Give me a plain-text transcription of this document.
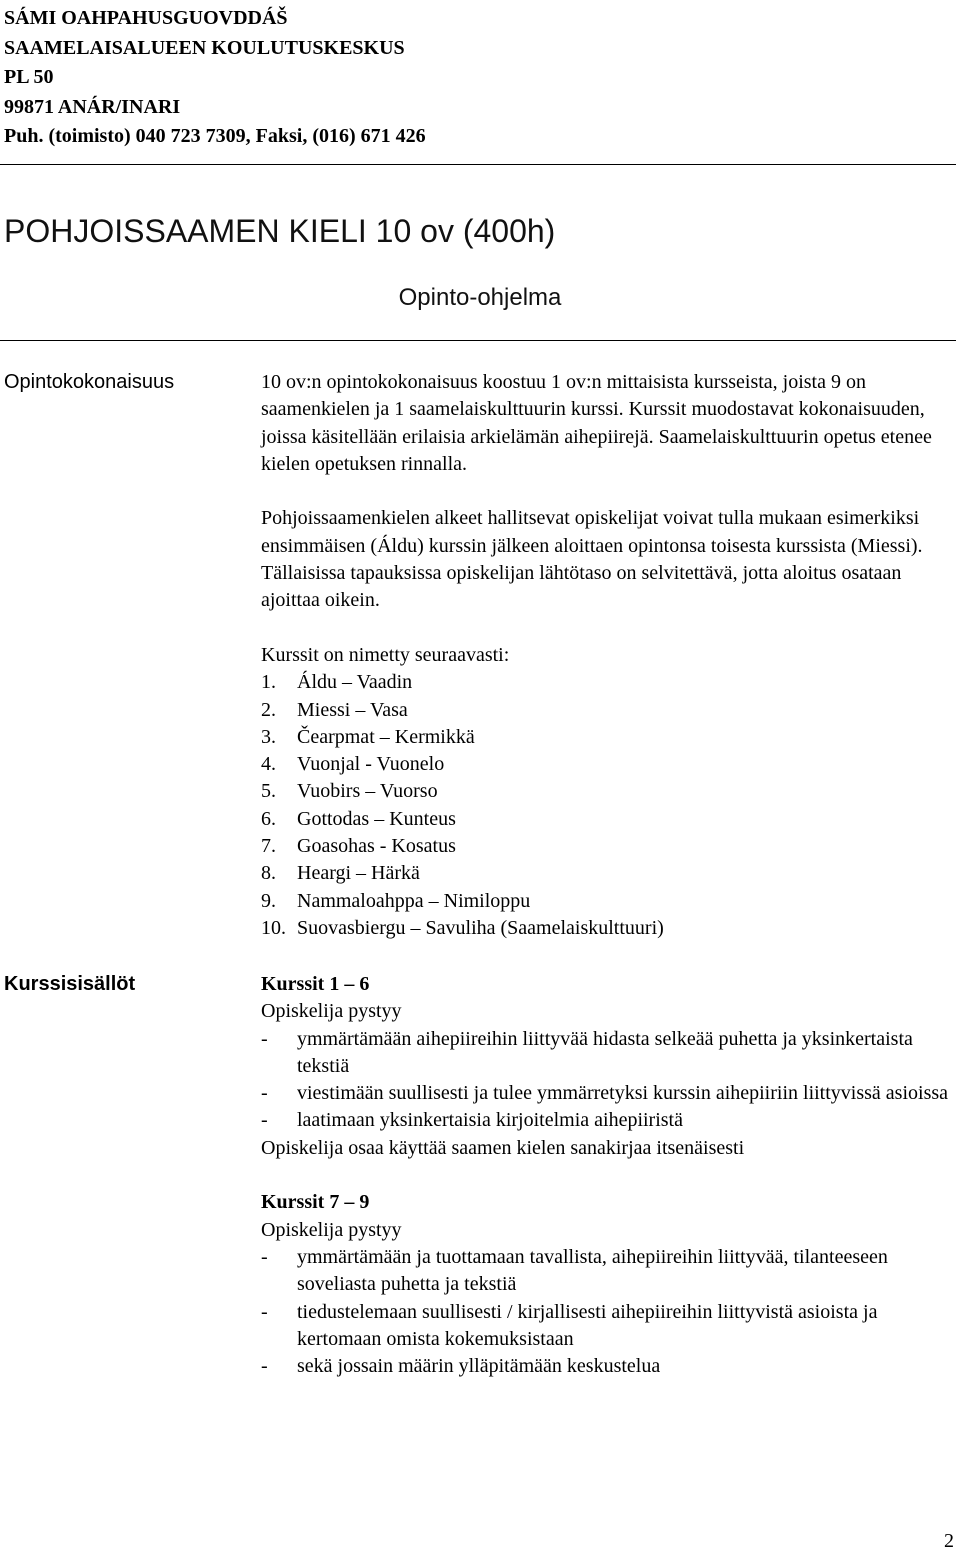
SÁMI OAHPAHUSGUOVDDÁŠ
SAAMELAISALUEEN KOULUTUSKESKUS
PL 50
99871 ANÁR/INARI
Puh. (toimisto) 040 723 7309, Faksi, (016) 671 426
POHJOISSAAMEN KIELI 10 ov (400h)
Opinto-ohjelma
Opintokokonaisuus	10 ov:n opintokokonaisuus koostuu 1 ov:n mittaisista kursseista, joista 9 on saamenkielen ja 1 saamelaiskulttuurin kurssi. Kurssit muodostavat kokonaisuuden, joissa käsitellään erilaisia arkielämän aihepiirejä. Saamelaiskulttuurin opetus etenee kielen opetuksen rinnalla.

Pohjoissaamenkielen alkeet hallitsevat opiskelijat voivat tulla mukaan esimerkiksi ensimmäisen (Áldu) kurssin jälkeen aloittaen opintonsa toisesta kurssista (Miessi). Tällaisissa tapauksissa opiskelijan lähtötaso on selvitettävä, jotta aloitus osataan ajoittaa oikein.

Kurssit on nimetty seuraavasti:

1. Áldu – Vaadin
2. Miessi – Vasa
3. Čearpmat – Kermikkä
4. Vuonjal - Vuonelo
5. Vuobirs – Vuorso
6. Gottodas – Kunteus
7. Goasohas - Kosatus
8. Heargi – Härkä
9. Nammaloahppa – Nimiloppu
10. Suovasbiergu – Savuliha (Saamelaiskulttuuri)
Kurssisisällöt	Kurssit 1 – 6

Opiskelija pystyy

- ymmärtämään aihepiireihin liittyvää hidasta selkeää puhetta ja yksinkertaista tekstiä
- viestimään suullisesti ja tulee ymmärretyksi kurssin aihepiiriin liittyvissä asioissa
- laatimaan yksinkertaisia kirjoitelmia aihepiiristä

Opiskelija osaa käyttää saamen kielen sanakirjaa itsenäisesti

Kurssit 7 – 9

Opiskelija pystyy

- ymmärtämään ja tuottamaan tavallista, aihepiireihin liittyvää, tilanteeseen soveliasta puhetta ja tekstiä
- tiedustelemaan suullisesti / kirjallisesti aihepiireihin liittyvistä asioista ja kertomaan omista kokemuksistaan
- sekä jossain määrin ylläpitämään keskustelua
2
